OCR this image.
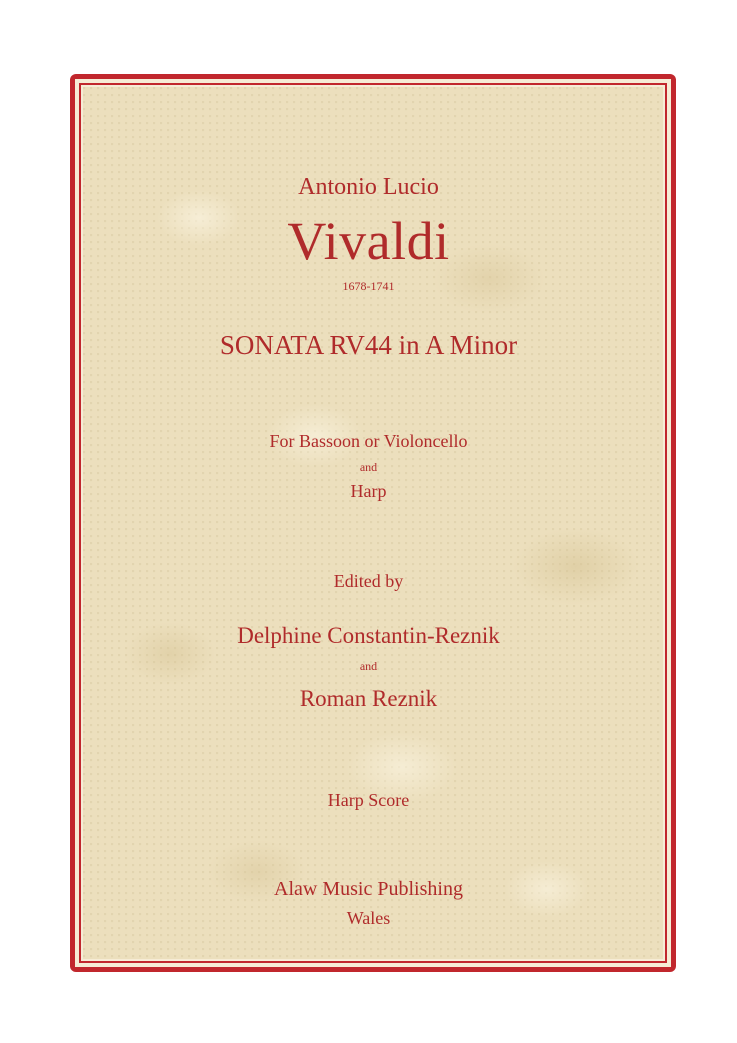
Antonio Lucio
Vivaldi
1678-1741
SONATA RV44 in A Minor
For Bassoon or Violoncello
and
Harp
Edited by
Delphine Constantin-Reznik
and
Roman Reznik
Harp Score
Alaw Music Publishing
Wales
